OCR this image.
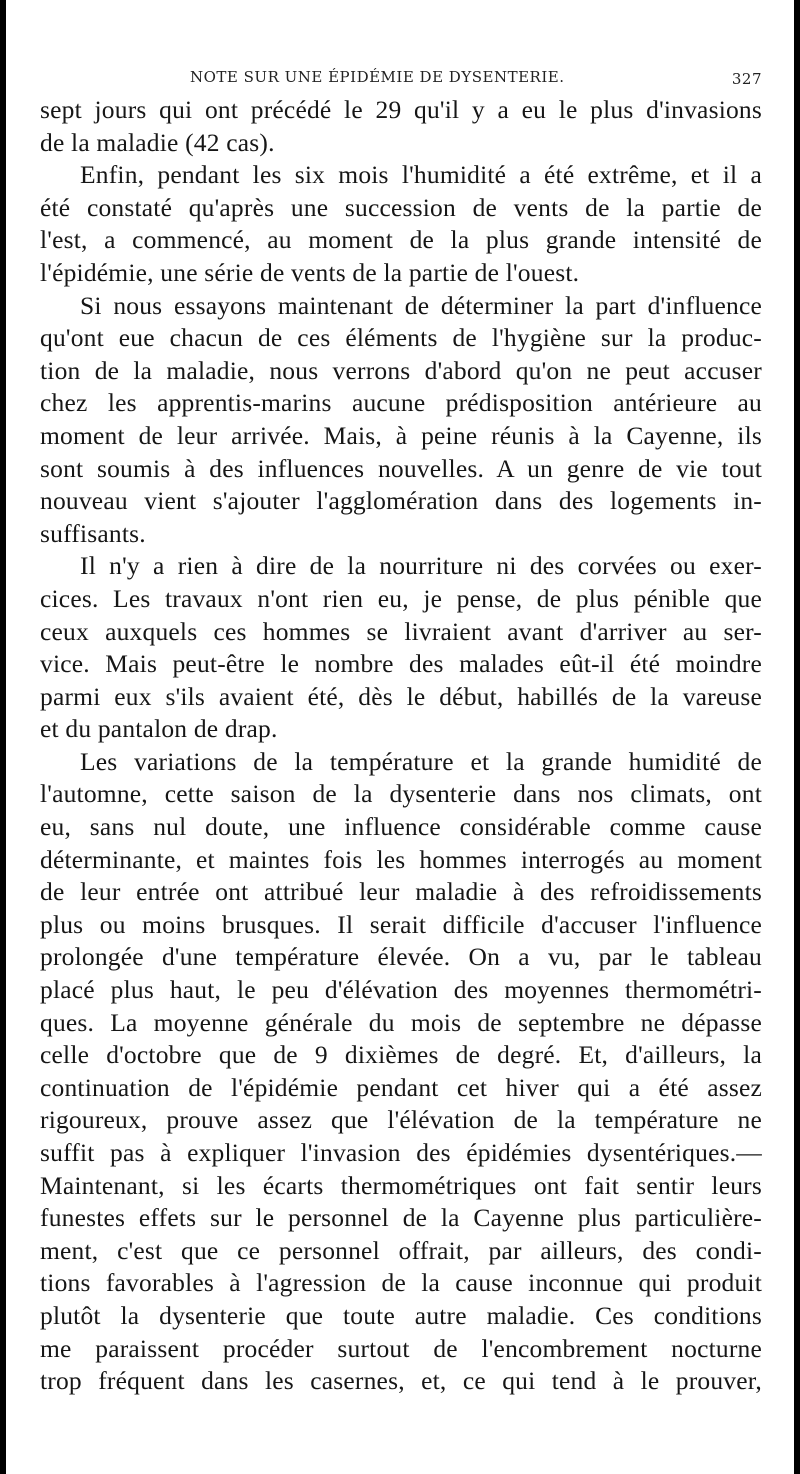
NOTE SUR UNE ÉPIDÉMIE DE DYSENTERIE.	327
sept jours qui ont précédé le 29 qu'il y a eu le plus d'invasions
de la maladie (42 cas).
Enfin, pendant les six mois l'humidité a été extrême, et il a
été constaté qu'après une succession de vents de la partie de
l'est, a commencé, au moment de la plus grande intensité de
l'épidémie, une série de vents de la partie de l'ouest.
Si nous essayons maintenant de déterminer la part d'influence
qu'ont eue chacun de ces éléments de l'hygiène sur la produc-
tion de la maladie, nous verrons d'abord qu'on ne peut accuser
chez les apprentis-marins aucune prédisposition antérieure au
moment de leur arrivée. Mais, à peine réunis à la Cayenne, ils
sont soumis à des influences nouvelles. A un genre de vie tout
nouveau vient s'ajouter l'agglomération dans des logements in-
suffisants.
Il n'y a rien à dire de la nourriture ni des corvées ou exer-
cices. Les travaux n'ont rien eu, je pense, de plus pénible que
ceux auxquels ces hommes se livraient avant d'arriver au ser-
vice. Mais peut-être le nombre des malades eût-il été moindre
parmi eux s'ils avaient été, dès le début, habillés de la vareuse
et du pantalon de drap.
Les variations de la température et la grande humidité de
l'automne, cette saison de la dysenterie dans nos climats, ont
eu, sans nul doute, une influence considérable comme cause
déterminante, et maintes fois les hommes interrogés au moment
de leur entrée ont attribué leur maladie à des refroidissements
plus ou moins brusques. Il serait difficile d'accuser l'influence
prolongée d'une température élevée. On a vu, par le tableau
placé plus haut, le peu d'élévation des moyennes thermométri-
ques. La moyenne générale du mois de septembre ne dépasse
celle d'octobre que de 9 dixièmes de degré. Et, d'ailleurs, la
continuation de l'épidémie pendant cet hiver qui a été assez
rigoureux, prouve assez que l'élévation de la température ne
suffit pas à expliquer l'invasion des épidémies dysentériques.—
Maintenant, si les écarts thermométriques ont fait sentir leurs
funestes effets sur le personnel de la Cayenne plus particulière-
ment, c'est que ce personnel offrait, par ailleurs, des condi-
tions favorables à l'agression de la cause inconnue qui produit
plutôt la dysenterie que toute autre maladie. Ces conditions
me paraissent procéder surtout de l'encombrement nocturne
trop fréquent dans les casernes, et, ce qui tend à le prouver,
